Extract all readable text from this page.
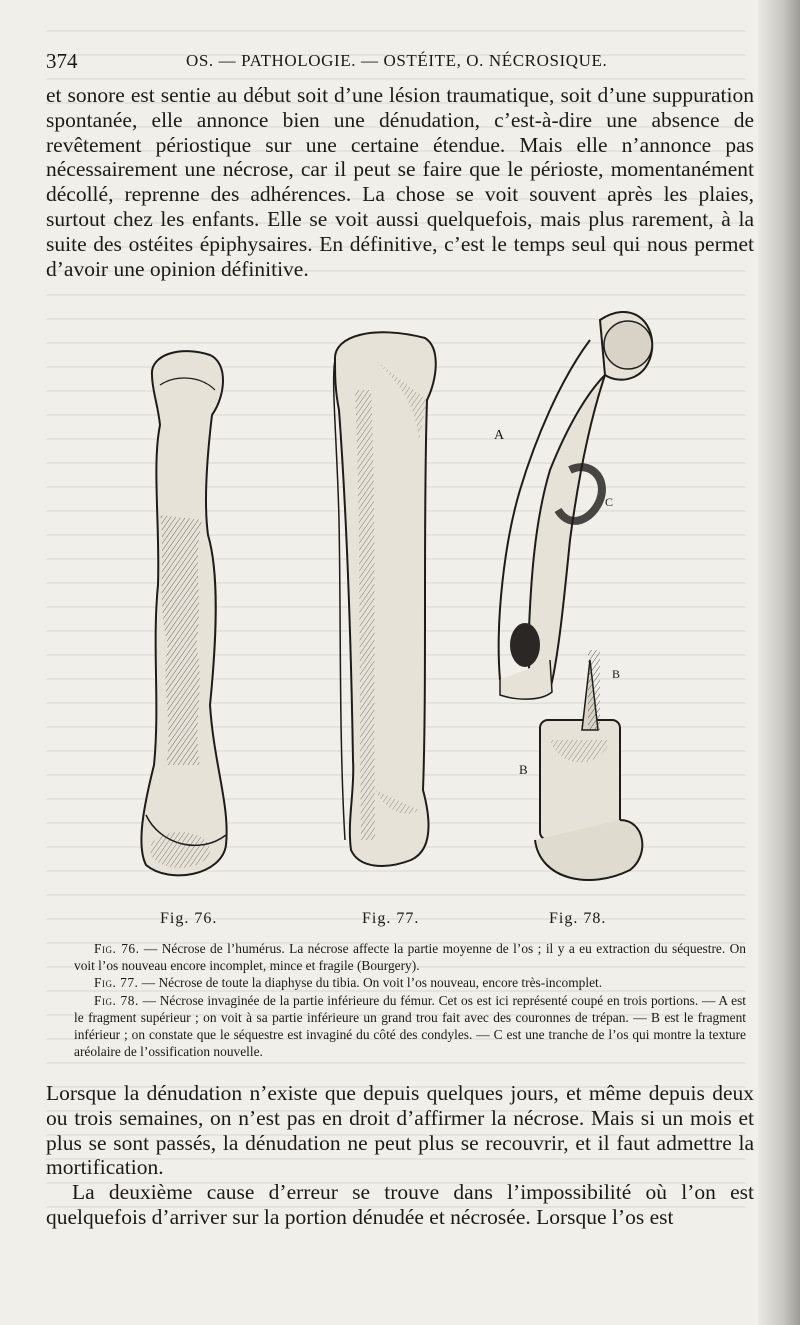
374	OS. — PATHOLOGIE. — OSTÉITE, O. NÉCROSIQUE.

et sonore est sentie au début soit d’une lésion traumatique, soit d’une suppuration spontanée, elle annonce bien une dénudation, c’est-à-dire une absence de revêtement périostique sur une certaine étendue. Mais elle n’annonce pas nécessairement une nécrose, car il peut se faire que le périoste, momentanément décollé, reprenne des adhérences. La chose se voit souvent après les plaies, surtout chez les enfants. Elle se voit aussi quelquefois, mais plus rarement, à la suite des ostéites épiphysaires. En définitive, c’est le temps seul qui nous permet d’avoir une opinion définitive.

A
C
B
B
Fig. 76.	Fig. 77.	Fig. 78.

Fig. 76. — Nécrose de l’humérus. La nécrose affecte la partie moyenne de l’os ; il y a eu extraction du séquestre. On voit l’os nouveau encore incomplet, mince et fragile (Bourgery).

Fig. 77. — Nécrose de toute la diaphyse du tibia. On voit l’os nouveau, encore très-incomplet.

Fig. 78. — Nécrose invaginée de la partie inférieure du fémur. Cet os est ici représenté coupé en trois portions. — A est le fragment supérieur ; on voit à sa partie inférieure un grand trou fait avec des couronnes de trépan. — B est le fragment inférieur ; on constate que le séquestre est invaginé du côté des condyles. — C est une tranche de l’os qui montre la texture aréolaire de l’ossification nouvelle.

Lorsque la dénudation n’existe que depuis quelques jours, et même depuis deux ou trois semaines, on n’est pas en droit d’affirmer la nécrose. Mais si un mois et plus se sont passés, la dénudation ne peut plus se recouvrir, et il faut admettre la mortification.

La deuxième cause d’erreur se trouve dans l’impossibilité où l’on est quelquefois d’arriver sur la portion dénudée et nécrosée. Lorsque l’os est
